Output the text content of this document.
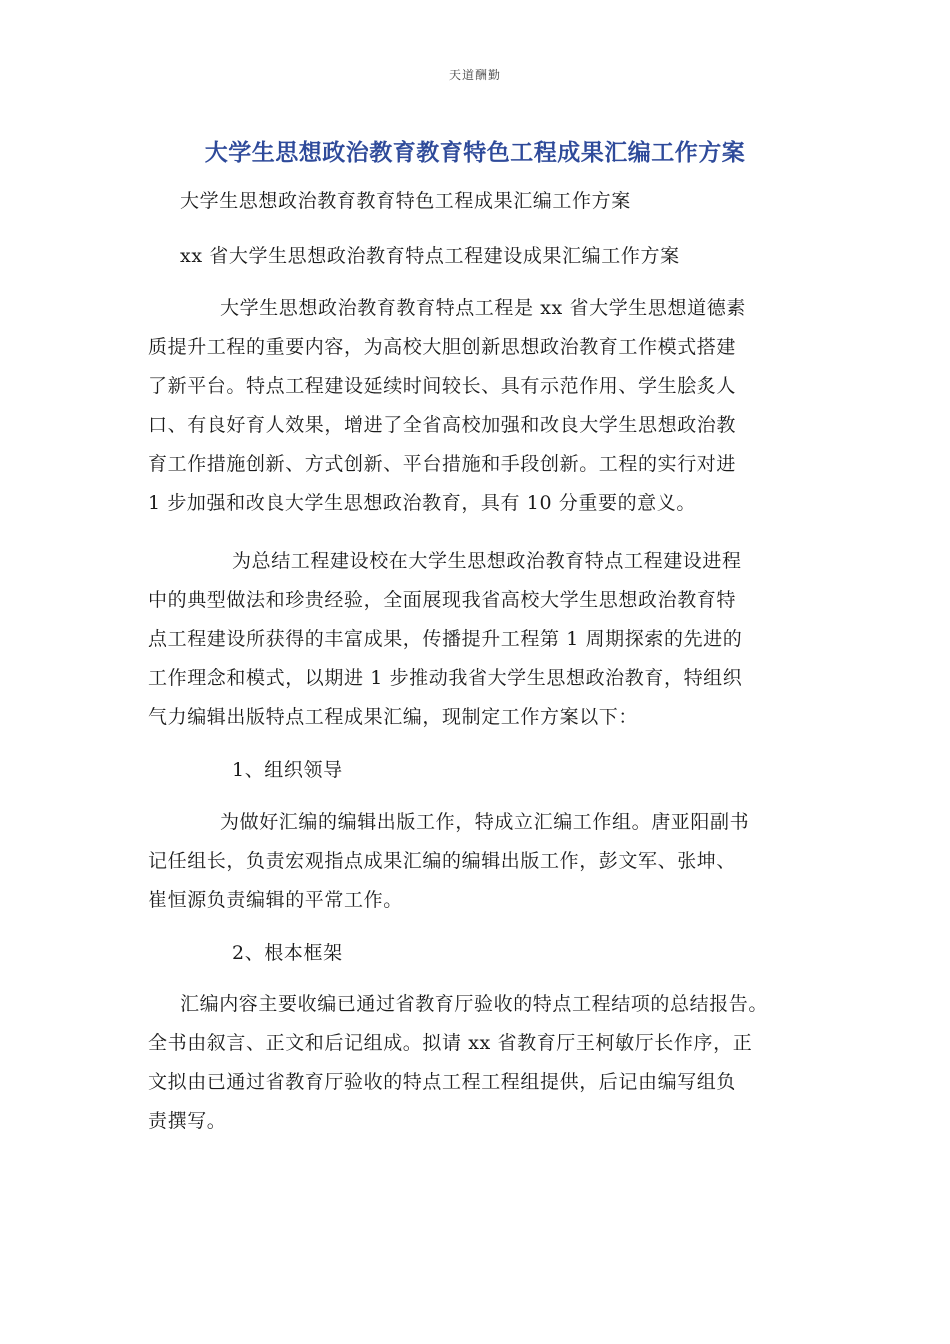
天道酬勤
大学生思想政治教育教育特色工程成果汇编工作方案
大学生思想政治教育教育特色工程成果汇编工作方案
xx 省大学生思想政治教育特点工程建设成果汇编工作方案
大学生思想政治教育教育特点工程是 xx 省大学生思想道德素
质提升工程的重要内容，为高校大胆创新思想政治教育工作模式搭建
了新平台。特点工程建设延续时间较长、具有示范作用、学生脍炙人
口、有良好育人效果，增进了全省高校加强和改良大学生思想政治教
育工作措施创新、方式创新、平台措施和手段创新。工程的实行对进
1 步加强和改良大学生思想政治教育，具有 10 分重要的意义。
为总结工程建设校在大学生思想政治教育特点工程建设进程
中的典型做法和珍贵经验，全面展现我省高校大学生思想政治教育特
点工程建设所获得的丰富成果，传播提升工程第 1 周期探索的先进的
工作理念和模式，以期进 1 步推动我省大学生思想政治教育，特组织
气力编辑出版特点工程成果汇编，现制定工作方案以下：
1、组织领导
为做好汇编的编辑出版工作，特成立汇编工作组。唐亚阳副书
记任组长，负责宏观指点成果汇编的编辑出版工作，彭文军、张坤、
崔恒源负责编辑的平常工作。
2、根本框架
汇编内容主要收编已通过省教育厅验收的特点工程结项的总结报告。
全书由叙言、正文和后记组成。拟请 xx 省教育厅王柯敏厅长作序，正
文拟由已通过省教育厅验收的特点工程工程组提供，后记由编写组负
责撰写。
